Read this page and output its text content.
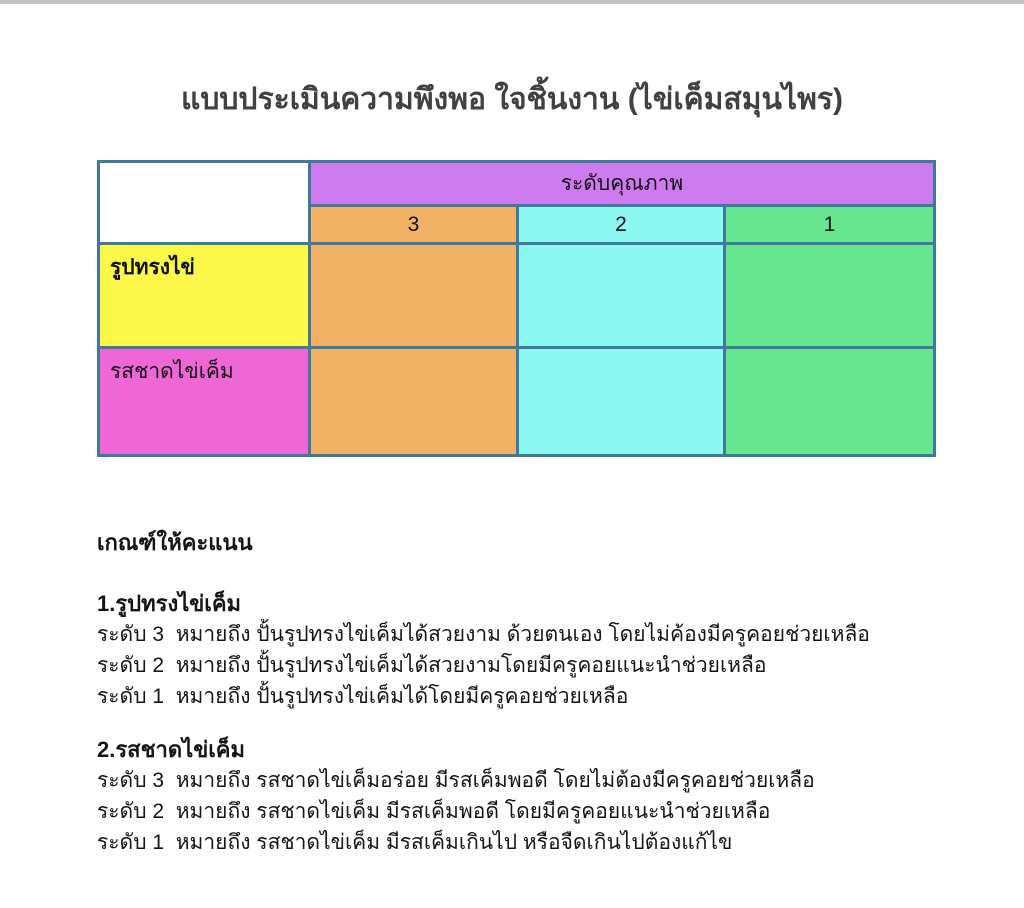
แบบประเมินความพึงพอ ใจชิ้นงาน (ไข่เค็มสมุนไพร)
	ระดับคุณภาพ		
	3	2	1
รูปทรงไข่			
รสชาดไข่เค็ม			
เกณฑ์ให้คะแนน
1.รูปทรงไข่เค็ม
ระดับ 3  หมายถึง ปั้นรูปทรงไข่เค็มได้สวยงาม ด้วยตนเอง โดยไม่ค้องมีครูคอยช่วยเหลือ
ระดับ 2  หมายถึง ปั้นรูปทรงไข่เค็มได้สวยงามโดยมีครูคอยแนะนำช่วยเหลือ
ระดับ 1  หมายถึง ปั้นรูปทรงไข่เค็มได้โดยมีครูคอยช่วยเหลือ
2.รสชาดไข่เค็ม
ระดับ 3  หมายถึง รสชาดไข่เค็มอร่อย มีรสเค็มพอดี โดยไม่ต้องมีครูคอยช่วยเหลือ
ระดับ 2  หมายถึง รสชาดไข่เค็ม มีรสเค็มพอดี โดยมีครูคอยแนะนำช่วยเหลือ
ระดับ 1  หมายถึง รสชาดไข่เค็ม มีรสเค็มเกินไป หรือจืดเกินไปต้องแก้ไข
